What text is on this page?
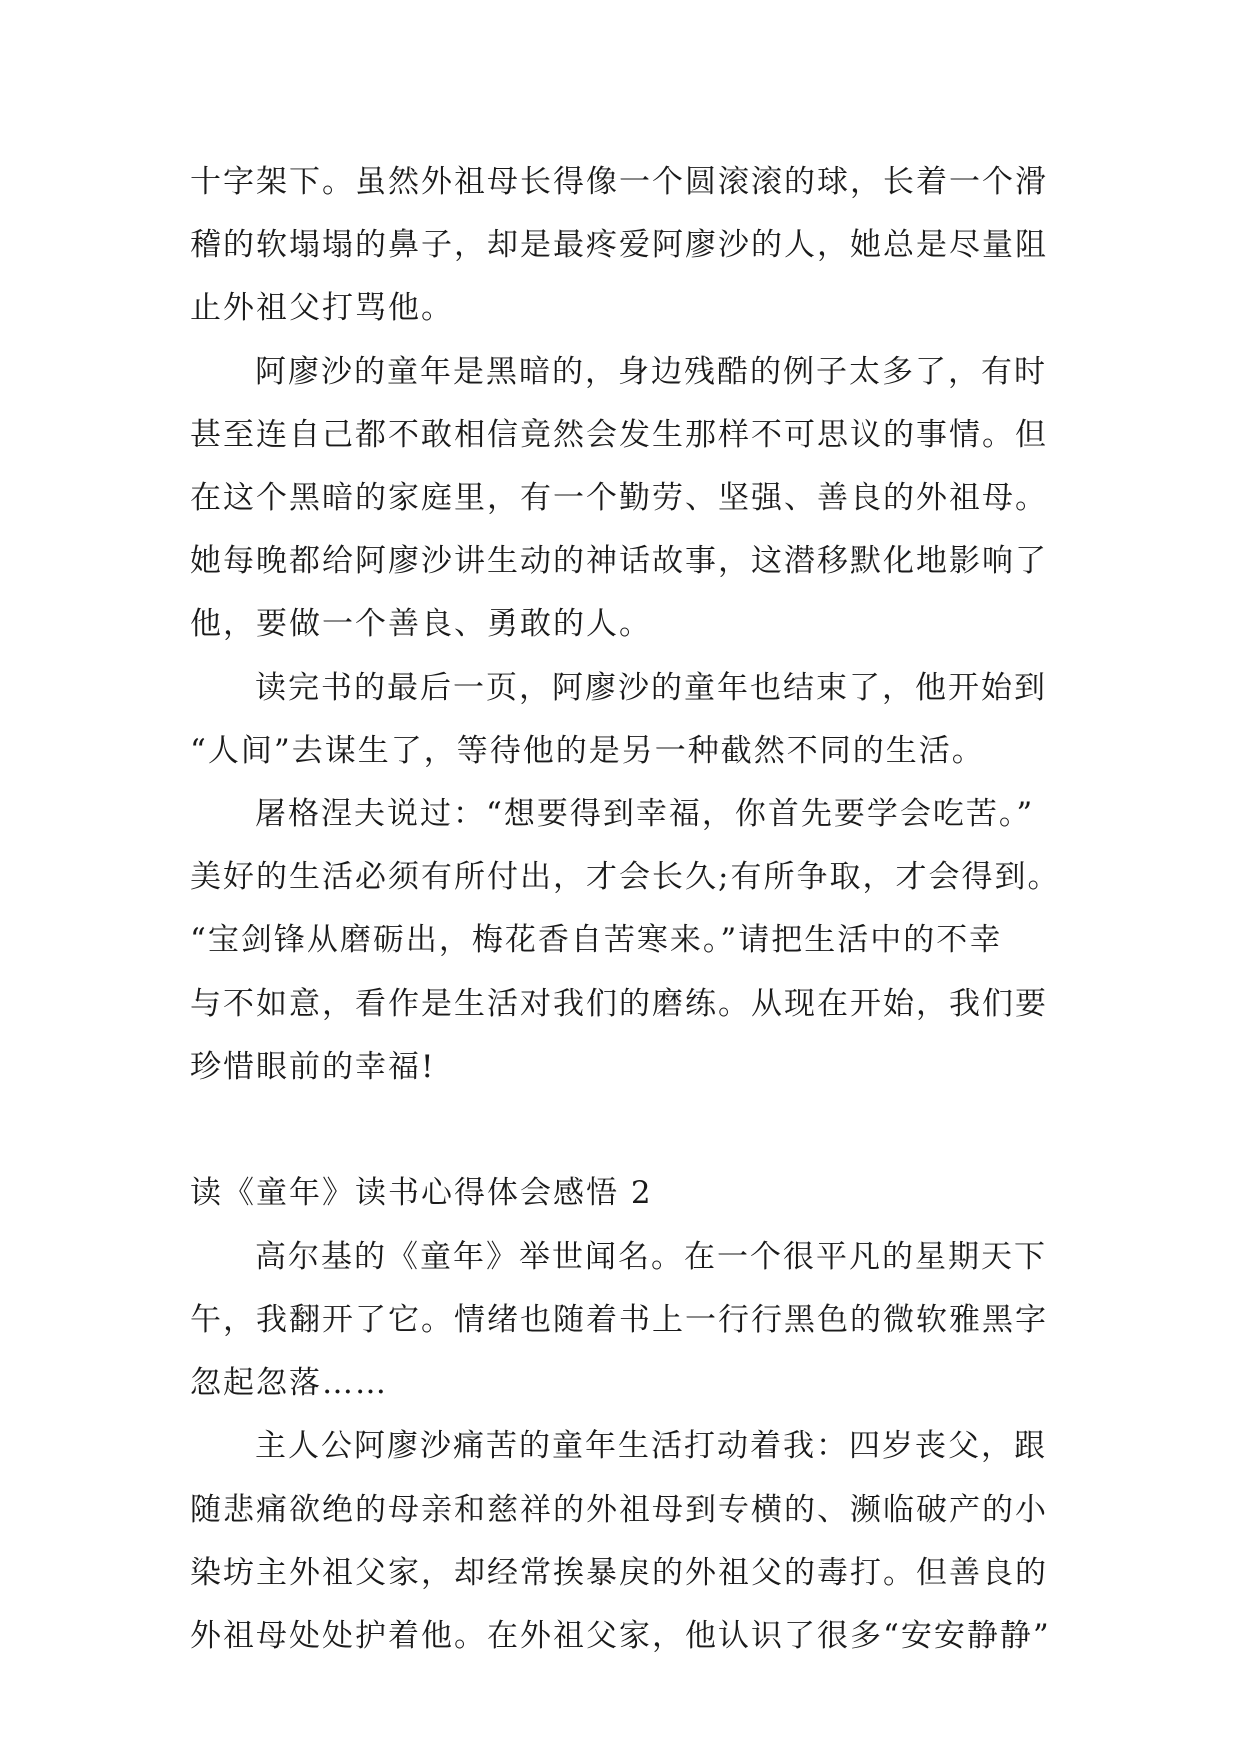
十字架下。虽然外祖母长得像一个圆滚滚的球，长着一个滑
稽的软塌塌的鼻子，却是最疼爱阿廖沙的人，她总是尽量阻
止外祖父打骂他。
阿廖沙的童年是黑暗的，身边残酷的例子太多了，有时
甚至连自己都不敢相信竟然会发生那样不可思议的事情。但
在这个黑暗的家庭里，有一个勤劳、坚强、善良的外祖母。
她每晚都给阿廖沙讲生动的神话故事，这潜移默化地影响了
他，要做一个善良、勇敢的人。
读完书的最后一页，阿廖沙的童年也结束了，他开始到
“人间”去谋生了，等待他的是另一种截然不同的生活。
屠格涅夫说过：“想要得到幸福，你首先要学会吃苦。”
美好的生活必须有所付出，才会长久;有所争取，才会得到。
“宝剑锋从磨砺出，梅花香自苦寒来。”请把生活中的不幸
与不如意，看作是生活对我们的磨练。从现在开始，我们要
珍惜眼前的幸福!
读《童年》读书心得体会感悟 2
高尔基的《童年》举世闻名。在一个很平凡的星期天下
午，我翻开了它。情绪也随着书上一行行黑色的微软雅黑字
忽起忽落……
主人公阿廖沙痛苦的童年生活打动着我：四岁丧父，跟
随悲痛欲绝的母亲和慈祥的外祖母到专横的、濒临破产的小
染坊主外祖父家，却经常挨暴戾的外祖父的毒打。但善良的
外祖母处处护着他。在外祖父家，他认识了很多“安安静静”
